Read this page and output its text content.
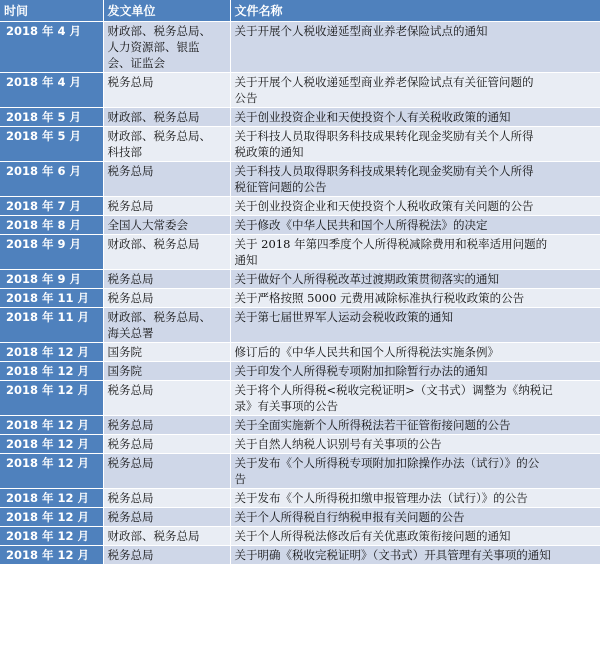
时间	发文单位	文件名称
2018 年 4 月	财政部、税务总局、
人力资源部、银监
会、证监会	关于开展个人税收递延型商业养老保险试点的通知
2018 年 4 月	税务总局	关于开展个人税收递延型商业养老保险试点有关征管问题的
公告
2018 年 5 月	财政部、税务总局	关于创业投资企业和天使投资个人有关税收政策的通知
2018 年 5 月	财政部、税务总局、
科技部	关于科技人员取得职务科技成果转化现金奖励有关个人所得
税政策的通知
2018 年 6 月	税务总局	关于科技人员取得职务科技成果转化现金奖励有关个人所得
税征管问题的公告
2018 年 7 月	税务总局	关于创业投资企业和天使投资个人税收政策有关问题的公告
2018 年 8 月	全国人大常委会	关于修改《中华人民共和国个人所得税法》的决定
2018 年 9 月	财政部、税务总局	关于 2018 年第四季度个人所得税减除费用和税率适用问题的
通知
2018 年 9 月	税务总局	关于做好个人所得税改革过渡期政策贯彻落实的通知
2018 年 11 月	税务总局	关于严格按照 5000 元费用减除标准执行税收政策的公告
2018 年 11 月	财政部、税务总局、
海关总署	关于第七届世界军人运动会税收政策的通知
2018 年 12 月	国务院	修订后的《中华人民共和国个人所得税法实施条例》
2018 年 12 月	国务院	关于印发个人所得税专项附加扣除暂行办法的通知
2018 年 12 月	税务总局	关于将个人所得税<税收完税证明>（文书式）调整为《纳税记
录》有关事项的公告
2018 年 12 月	税务总局	关于全面实施新个人所得税法若干征管衔接问题的公告
2018 年 12 月	税务总局	关于自然人纳税人识别号有关事项的公告
2018 年 12 月	税务总局	关于发布《个人所得税专项附加扣除操作办法（试行）》的公
告
2018 年 12 月	税务总局	关于发布《个人所得税扣缴申报管理办法（试行）》的公告
2018 年 12 月	税务总局	关于个人所得税自行纳税申报有关问题的公告
2018 年 12 月	财政部、税务总局	关于个人所得税法修改后有关优惠政策衔接问题的通知
2018 年 12 月	税务总局	关于明确《税收完税证明》（文书式）开具管理有关事项的通知
